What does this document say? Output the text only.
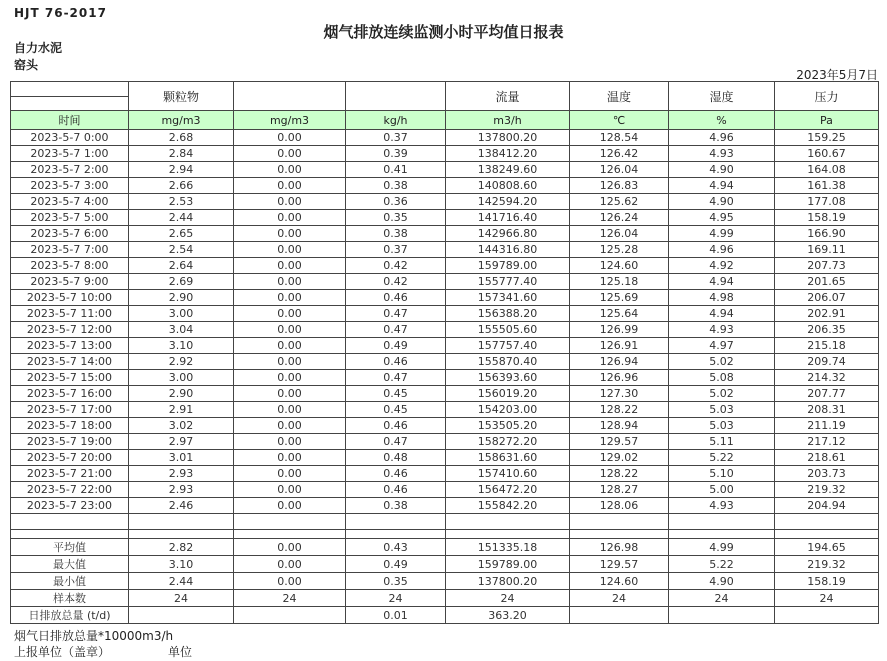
HJT 76-2017
烟气排放连续监测小时平均值日报表
自力水泥
窑头
2023年5月7日
	颗粒物			流量	温度	湿度	压力
时间	mg/m3	mg/m3	kg/h	m3/h	℃	%	Pa
2023-5-7 0:00	2.68	0.00	0.37	137800.20	128.54	4.96	159.25
2023-5-7 1:00	2.84	0.00	0.39	138412.20	126.42	4.93	160.67
2023-5-7 2:00	2.94	0.00	0.41	138249.60	126.04	4.90	164.08
2023-5-7 3:00	2.66	0.00	0.38	140808.60	126.83	4.94	161.38
2023-5-7 4:00	2.53	0.00	0.36	142594.20	125.62	4.90	177.08
2023-5-7 5:00	2.44	0.00	0.35	141716.40	126.24	4.95	158.19
2023-5-7 6:00	2.65	0.00	0.38	142966.80	126.04	4.99	166.90
2023-5-7 7:00	2.54	0.00	0.37	144316.80	125.28	4.96	169.11
2023-5-7 8:00	2.64	0.00	0.42	159789.00	124.60	4.92	207.73
2023-5-7 9:00	2.69	0.00	0.42	155777.40	125.18	4.94	201.65
2023-5-7 10:00	2.90	0.00	0.46	157341.60	125.69	4.98	206.07
2023-5-7 11:00	3.00	0.00	0.47	156388.20	125.64	4.94	202.91
2023-5-7 12:00	3.04	0.00	0.47	155505.60	126.99	4.93	206.35
2023-5-7 13:00	3.10	0.00	0.49	157757.40	126.91	4.97	215.18
2023-5-7 14:00	2.92	0.00	0.46	155870.40	126.94	5.02	209.74
2023-5-7 15:00	3.00	0.00	0.47	156393.60	126.96	5.08	214.32
2023-5-7 16:00	2.90	0.00	0.45	156019.20	127.30	5.02	207.77
2023-5-7 17:00	2.91	0.00	0.45	154203.00	128.22	5.03	208.31
2023-5-7 18:00	3.02	0.00	0.46	153505.20	128.94	5.03	211.19
2023-5-7 19:00	2.97	0.00	0.47	158272.20	129.57	5.11	217.12
2023-5-7 20:00	3.01	0.00	0.48	158631.60	129.02	5.22	218.61
2023-5-7 21:00	2.93	0.00	0.46	157410.60	128.22	5.10	203.73
2023-5-7 22:00	2.93	0.00	0.46	156472.20	128.27	5.00	219.32
2023-5-7 23:00	2.46	0.00	0.38	155842.20	128.06	4.93	204.94

平均值	2.82	0.00	0.43	151335.18	126.98	4.99	194.65
最大值	3.10	0.00	0.49	159789.00	129.57	5.22	219.32
最小值	2.44	0.00	0.35	137800.20	124.60	4.90	158.19
样本数	24	24	24	24	24	24	24
日排放总量 (t/d)			0.01	363.20			
烟气日排放总量*10000m3/h
上报单位（盖章）	单位
